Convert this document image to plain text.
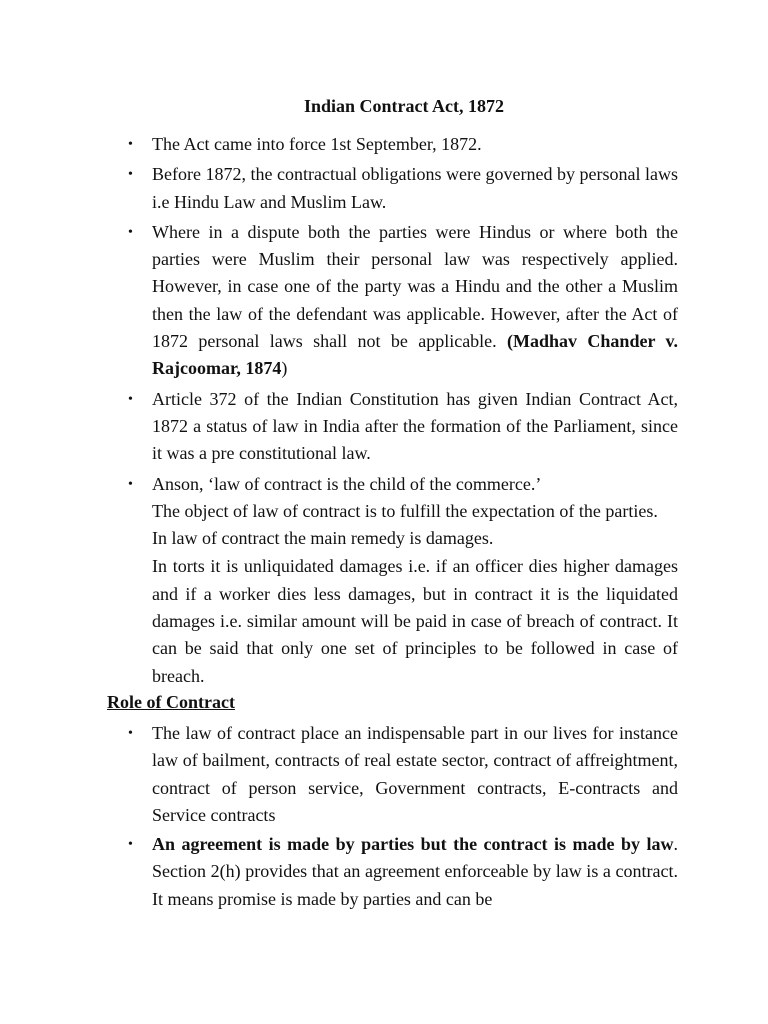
Indian Contract Act, 1872
• The Act came into force 1st September, 1872.
• Before 1872, the contractual obligations were governed by personal laws i.e Hindu Law and Muslim Law.
• Where in a dispute both the parties were Hindus or where both the parties were Muslim their personal law was respectively applied. However, in case one of the party was a Hindu and the other a Muslim then the law of the defendant was applicable. However, after the Act of 1872 personal laws shall not be applicable. (Madhav Chander v. Rajcoomar, 1874)
• Article 372 of the Indian Constitution has given Indian Contract Act, 1872 a status of law in India after the formation of the Parliament, since it was a pre constitutional law.
• Anson, ‘law of contract is the child of the commerce.’
The object of law of contract is to fulfill the expectation of the parties.
In law of contract the main remedy is damages.
In torts it is unliquidated damages i.e. if an officer dies higher damages and if a worker dies less damages, but in contract it is the liquidated damages i.e. similar amount will be paid in case of breach of contract. It can be said that only one set of principles to be followed in case of breach.
Role of Contract
• The law of contract place an indispensable part in our lives for instance law of bailment, contracts of real estate sector, contract of affreightment, contract of person service, Government contracts, E-contracts and Service contracts
• An agreement is made by parties but the contract is made by law. Section 2(h) provides that an agreement enforceable by law is a contract. It means promise is made by parties and can be
